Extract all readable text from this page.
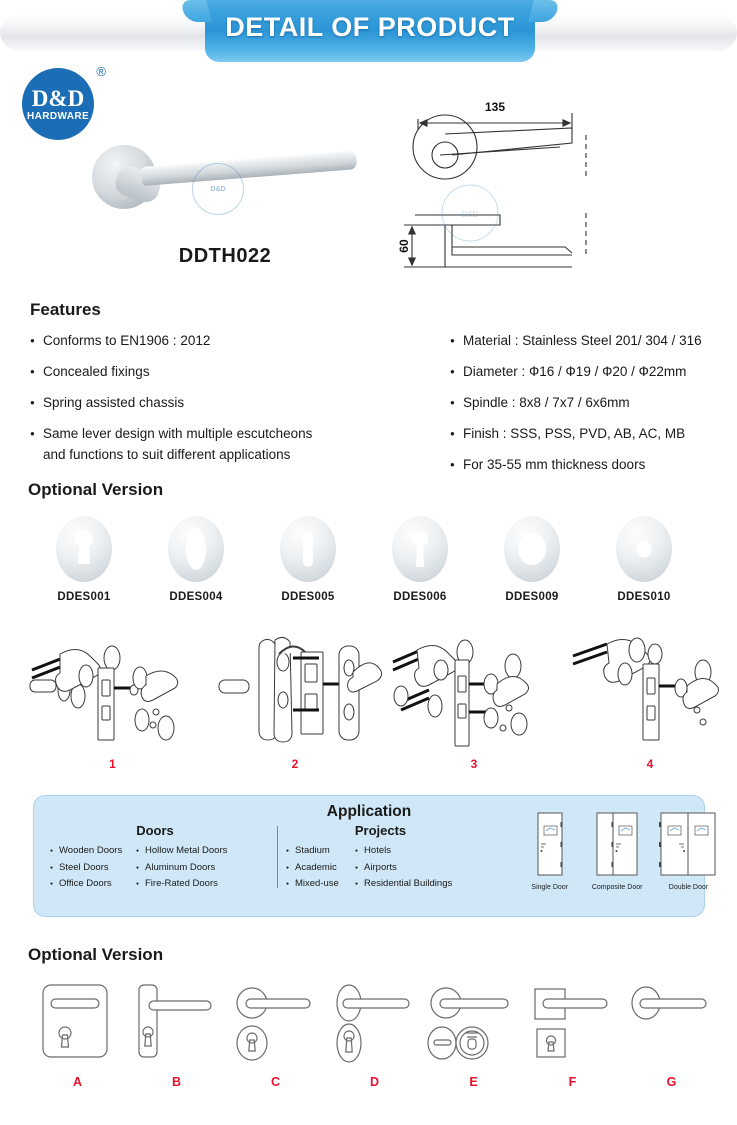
DETAIL OF PRODUCT
®
D&D
HARDWARE
D&D
DDTH022
135
60
D&D
Features
● Conforms to EN1906 : 2012
● Concealed fixings
● Spring assisted chassis
● Same lever design with multiple escutcheons
and functions to suit different applications
● Material : Stainless Steel 201/ 304 / 316
● Diameter : Ф16 / Ф19 / Ф20 / Ф22mm
● Spindle : 8x8 / 7x7 / 6x6mm
● Finish : SSS, PSS, PVD, AB, AC, MB
● For 35-55 mm thickness doors
Optional Version
DDES001	DDES004	DDES005	DDES006	DDES009	DDES010
1	2	3	4
Application
Doors
● Wooden Doors
● Steel Doors
● Office Doors
● Hollow Metal Doors
● Aluminum Doors
● Fire-Rated Doors
Projects
● Stadium
● Academic
● Mixed-use
● Hotels
● Airports
● Residential Buildings	Single Door	Composite Door	Double Door
Optional Version
A	B	C	D	E	F	G
